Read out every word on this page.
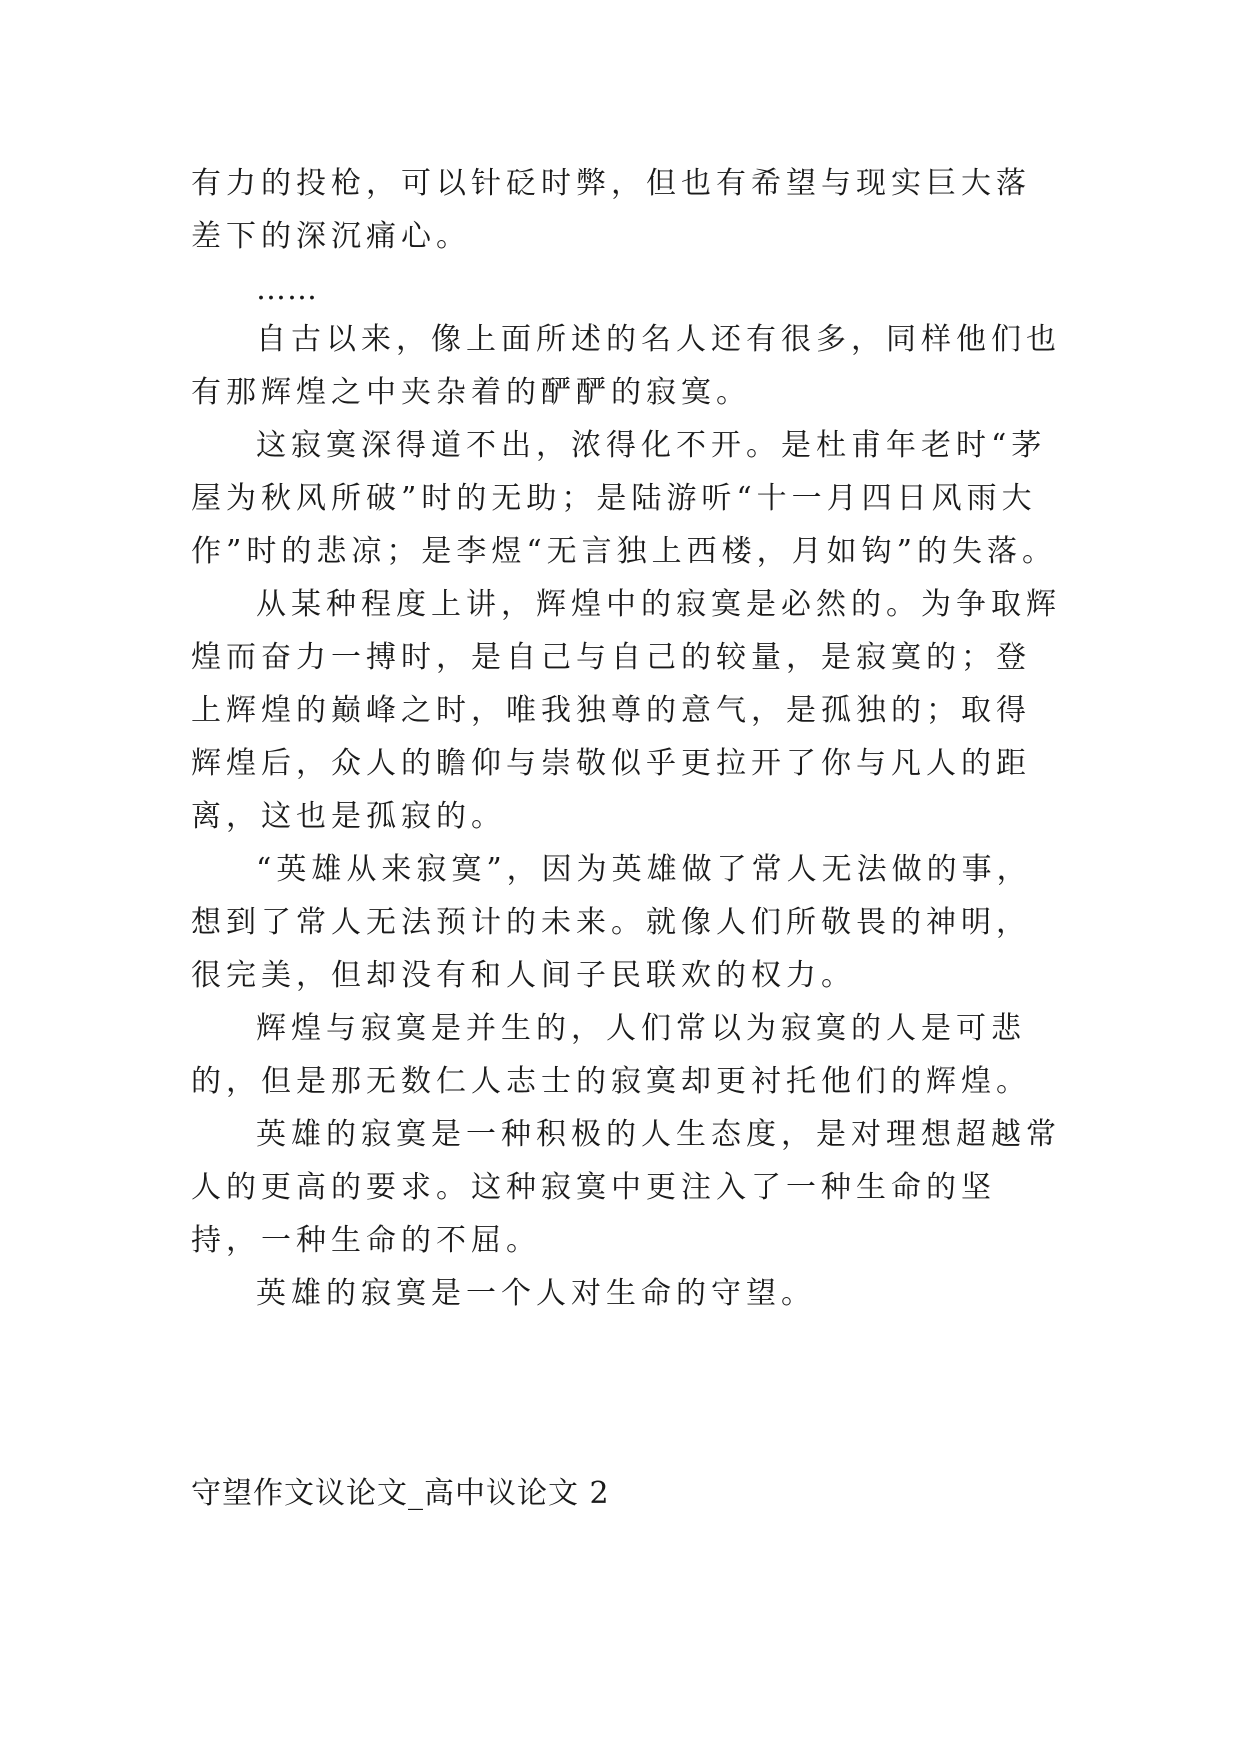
有力的投枪，可以针砭时弊，但也有希望与现实巨大落差下的深沉痛心。

……

自古以来，像上面所述的名人还有很多，同样他们也有那辉煌之中夹杂着的酽酽的寂寞。

这寂寞深得道不出，浓得化不开。是杜甫年老时“茅屋为秋风所破”时的无助；是陆游听“十一月四日风雨大作”时的悲凉；是李煜“无言独上西楼，月如钩”的失落。

从某种程度上讲，辉煌中的寂寞是必然的。为争取辉煌而奋力一搏时，是自己与自己的较量，是寂寞的；登上辉煌的巅峰之时，唯我独尊的意气，是孤独的；取得辉煌后，众人的瞻仰与崇敬似乎更拉开了你与凡人的距离，这也是孤寂的。

“英雄从来寂寞”，因为英雄做了常人无法做的事，想到了常人无法预计的未来。就像人们所敬畏的神明，很完美，但却没有和人间子民联欢的权力。

辉煌与寂寞是并生的，人们常以为寂寞的人是可悲的，但是那无数仁人志士的寂寞却更衬托他们的辉煌。

英雄的寂寞是一种积极的人生态度，是对理想超越常人的更高的要求。这种寂寞中更注入了一种生命的坚持，一种生命的不屈。

英雄的寂寞是一个人对生命的守望。

守望作文议论文_高中议论文 2
